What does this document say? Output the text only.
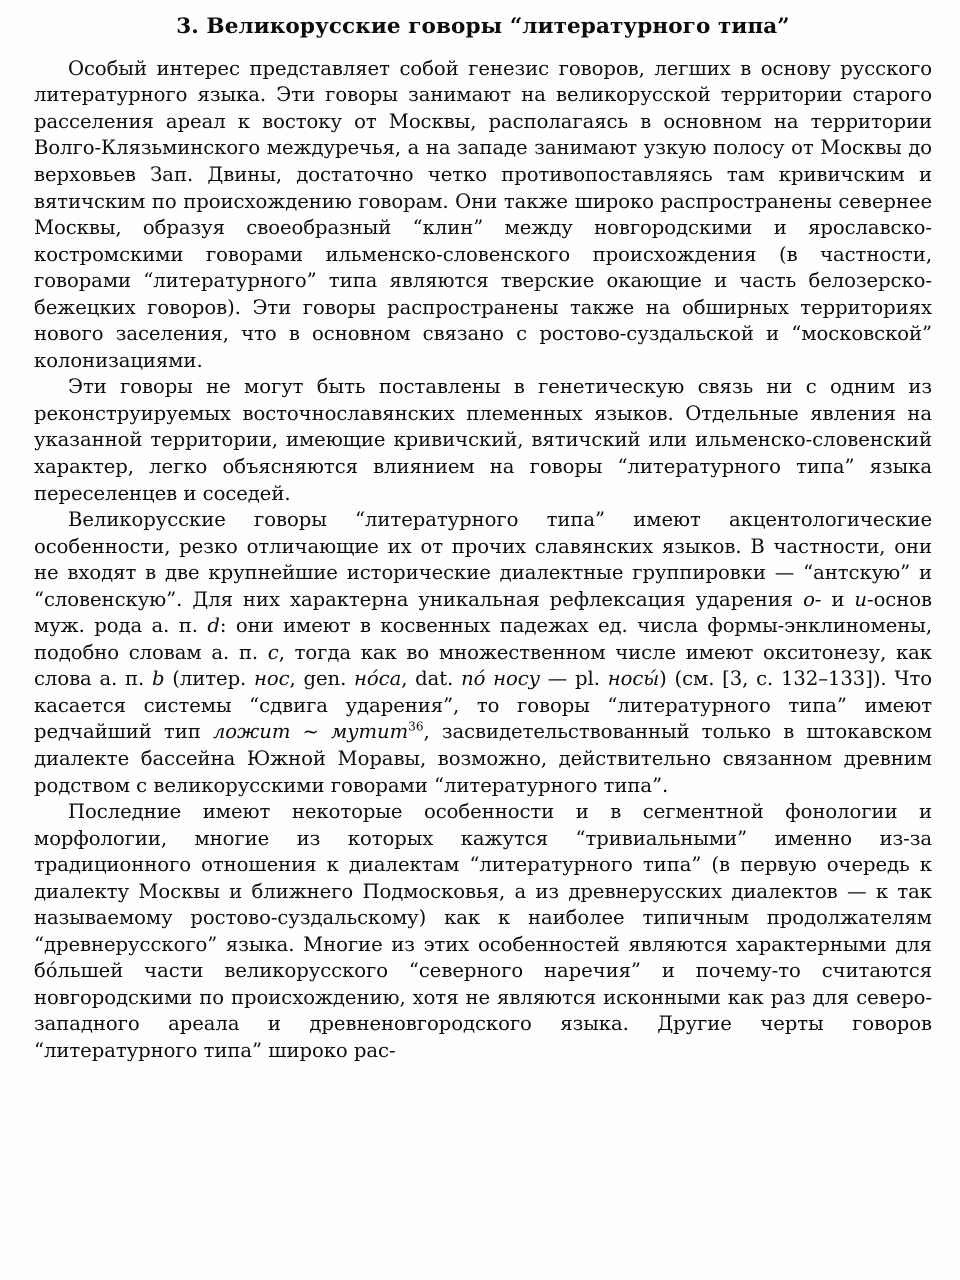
3. Великорусские говоры “литературного типа”

Особый интерес представляет собой генезис говоров, легших в основу русского литературного языка. Эти говоры занимают на великорусской территории старого расселения ареал к востоку от Москвы, располагаясь в основном на территории Волго-Клязьминского междуречья, а на западе занимают узкую полосу от Москвы до верховьев Зап. Двины, достаточно четко противопоставляясь там кривичским и вятичским по происхождению говорам. Они также широко распространены севернее Москвы, образуя своеобразный “клин” между новгородскими и ярославско-костромскими говорами ильменско-словенского происхождения (в частности, говорами “литературного” типа являются тверские окающие и часть белозерско-бежецких говоров). Эти говоры распространены также на обширных территориях нового заселения, что в основном связано с ростово-суздальской и “московской” колонизациями.

Эти говоры не могут быть поставлены в генетическую связь ни с одним из реконструируемых восточнославянских племенных языков. Отдельные явления на указанной территории, имеющие кривичский, вятичский или ильменско-словенский характер, легко объясняются влиянием на говоры “литературного типа” языка переселенцев и соседей.

Великорусские говоры “литературного типа” имеют акцентологические особенности, резко отличающие их от прочих славянских языков. В частности, они не входят в две крупнейшие исторические диалектные группировки — “антскую” и “словенскую”. Для них характерна уникальная рефлексация ударения о- и и-основ муж. рода а. п. d: они имеют в косвенных падежах ед. числа формы-энклиномены, подобно словам а. п. c, тогда как во множественном числе имеют окситонезу, как слова а. п. b (литер. нос, gen. но́са, dat. по́ носу — pl. носы́) (см. [3, с. 132–133]). Что касается системы “сдвига ударения”, то говоры “литературного типа” имеют редчайший тип ложит ~ мутит$^{36}$, засвидетельствованный только в штокавском диалекте бассейна Южной Моравы, возможно, действительно связанном древним родством с великорусскими говорами “литературного типа”.

Последние имеют некоторые особенности и в сегментной фонологии и морфологии, многие из которых кажутся “тривиальными” именно из-за традиционного отношения к диалектам “литературного типа” (в первую очередь к диалекту Москвы и ближнего Подмосковья, а из древнерусских диалектов — к так называемому ростово-суздальскому) как к наиболее типичным продолжателям “древнерусского” языка. Многие из этих особенностей являются характерными для бо́льшей части великорусского “северного наречия” и почему-то считаются новгородскими по происхождению, хотя не являются исконными как раз для северо-западного ареала и древненовгородского языка. Другие черты говоров “литературного типа” широко рас-
